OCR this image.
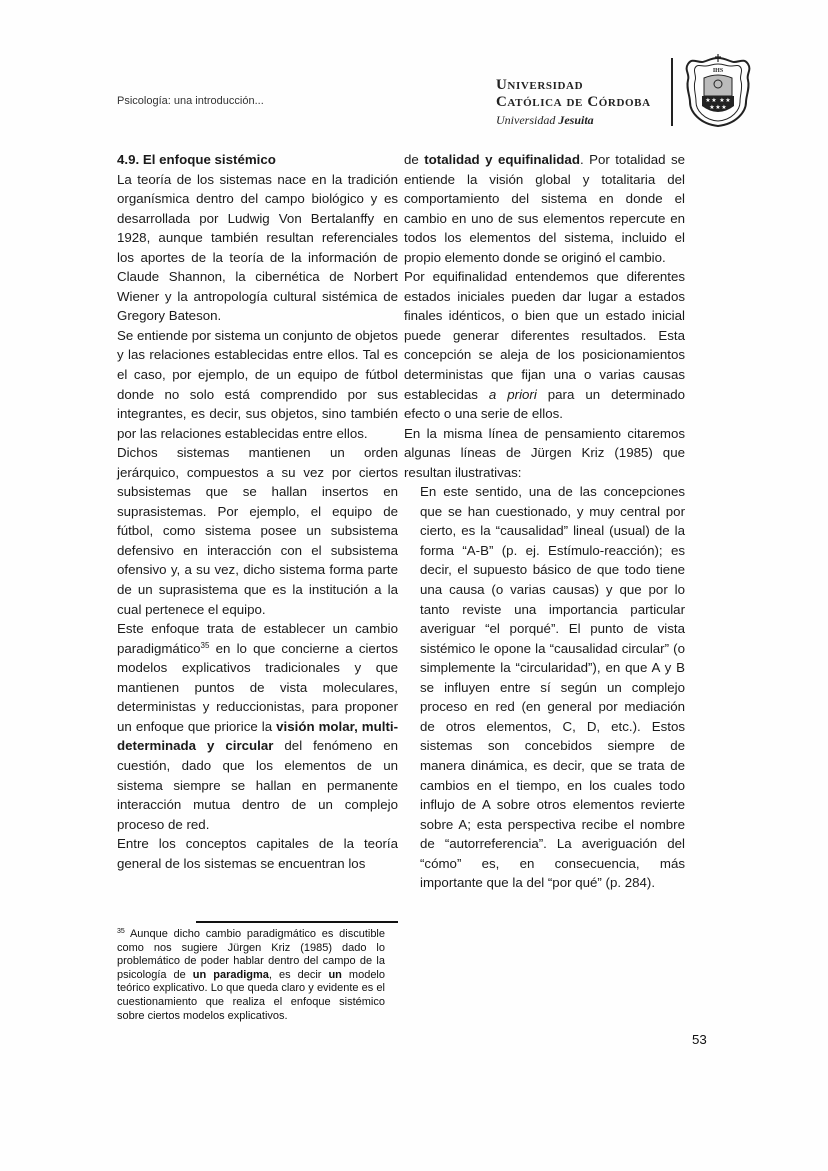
Psicología: una introducción...
Universidad
Católica de Córdoba
Universidad Jesuita
IHS
★ ★ ★ ★
★ ★ ★
4.9. El enfoque sistémico

La teoría de los sistemas nace en la tradición organísmica dentro del campo biológico y es desarrollada por Ludwig Von Bertalanffy en 1928, aunque también resultan referenciales los aportes de la teoría de la información de Claude Shannon, la cibernética de Norbert Wiener y la antropología cultural sistémica de Gregory Bateson.

Se entiende por sistema un conjunto de objetos y las relaciones establecidas entre ellos. Tal es el caso, por ejemplo, de un equipo de fútbol donde no solo está comprendido por sus integrantes, es decir, sus objetos, sino también por las relaciones establecidas entre ellos.

Dichos sistemas mantienen un orden jerárquico, compuestos a su vez por ciertos subsistemas que se hallan insertos en suprasistemas. Por ejemplo, el equipo de fútbol, como sistema posee un subsistema defensivo en interacción con el subsistema ofensivo y, a su vez, dicho sistema forma parte de un suprasistema que es la institución a la cual pertenece el equipo.

Este enfoque trata de establecer un cambio paradigmático$^{35}$ en lo que concierne a ciertos modelos explicativos tradicionales y que mantienen puntos de vista moleculares, deterministas y reduccionistas, para proponer un enfoque que priorice la visión molar, multi-determinada y circular del fenómeno en cuestión, dado que los elementos de un sistema siempre se hallan en permanente interacción mutua dentro de un complejo proceso de red.

Entre los conceptos capitales de la teoría general de los sistemas se encuentran los

de totalidad y equifinalidad. Por totalidad se entiende la visión global y totalitaria del comportamiento del sistema en donde el cambio en uno de sus elementos repercute en todos los elementos del sistema, incluido el propio elemento donde se originó el cambio.

Por equifinalidad entendemos que diferentes estados iniciales pueden dar lugar a estados finales idénticos, o bien que un estado inicial puede generar diferentes resultados. Esta concepción se aleja de los posicionamientos deterministas que fijan una o varias causas establecidas a priori para un determinado efecto o una serie de ellos.

En la misma línea de pensamiento citaremos algunas líneas de Jürgen Kriz (1985) que resultan ilustrativas:

En este sentido, una de las concepciones que se han cuestionado, y muy central por cierto, es la “causalidad” lineal (usual) de la forma “A-B” (p. ej. Estímulo-reacción); es decir, el supuesto básico de que todo tiene una causa (o varias causas) y que por lo tanto reviste una importancia particular averiguar “el porqué”. El punto de vista sistémico le opone la “causalidad circular” (o simplemente la “circularidad”), en que A y B se influyen entre sí según un complejo proceso en red (en general por mediación de otros elementos, C, D, etc.). Estos sistemas son concebidos siempre de manera dinámica, es decir, que se trata de cambios en el tiempo, en los cuales todo influjo de A sobre otros elementos revierte sobre A; esta perspectiva recibe el nombre de “autorreferencia”. La averiguación del “cómo” es, en consecuencia, más importante que la del “por qué” (p. 284).

$^{35}$ Aunque dicho cambio paradigmático es discutible como nos sugiere Jürgen Kriz (1985) dado lo problemático de poder hablar dentro del campo de la psicología de un paradigma, es decir un modelo teórico explicativo. Lo que queda claro y evidente es el cuestionamiento que realiza el enfoque sistémico sobre ciertos modelos explicativos.
53
